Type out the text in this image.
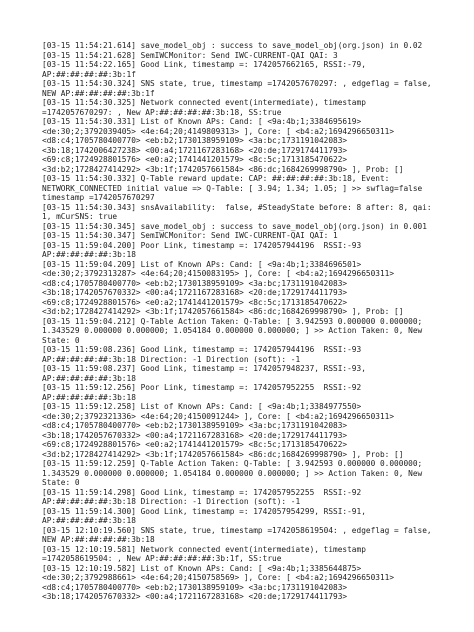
[03-15 11:54:21.614] save_model_obj : success to save_model_obj(org.json) in 0.02
[03-15 11:54:21.628] SemIWCMonitor: Send IWC-CURRENT-QAI QAI: 3
[03-15 11:54:22.165] Good Link, timestamp =: 1742057662165, RSSI:-79,
AP:##:##:##:##:3b:1f
[03-15 11:54:30.324] SNS state, true, timestamp =1742057670297: , edgeflag = false,
NEW AP:##:##:##:##:3b:1f
[03-15 11:54:30.325] Network connected event(intermediate), timestamp
=1742057670297: , New AP:##:##:##:##:3b:18, SS:true
[03-15 11:54:30.331] List of Known APs: Cand: [ <9a:4b;1;3384695619>
<de:30;2;3792039405> <4e:64;20;4149809313> ], Core: [ <b4:a2;1694296650311>
<d8:c4;1705780400770> <eb:b2;1730138959109> <3a:bc;1731191042083>
<3b:18;1742006427238> <00:a4;1721167283168> <20:de;1729174411793>
<69:c8;1724928801576> <e0:a2;1741441201579> <8c:5c;1713185470622>
<3d:b2;1728427414292> <3b:1f;1742057661584> <86:dc;1684269998790> ], Prob: []
[03-15 11:54:30.332] Q-Table reward update: CAP: ##:##:##:##:3b:18, Event:
NETWORK_CONNECTED initial value => Q-Table: [ 3.94; 1.34; 1.05; ] >> swflag=false
timestamp =1742057670297
[03-15 11:54:30.343] snsAvailability:  false, #SteadyState before: 8 after: 8, qai:
1, mCurSNS: true
[03-15 11:54:30.345] save_model_obj : success to save_model_obj(org.json) in 0.001
[03-15 11:54:30.347] SemIWCMonitor: Send IWC-CURRENT-QAI QAI: 1
[03-15 11:59:04.200] Poor Link, timestamp =: 1742057944196  RSSI:-93
AP:##:##:##:##:3b:18
[03-15 11:59:04.209] List of Known APs: Cand: [ <9a:4b;1;3384696501>
<de:30;2;3792313287> <4e:64;20;4150083195> ], Core: [ <b4:a2;1694296650311>
<d8:c4;1705780400770> <eb:b2;1730138959109> <3a:bc;1731191042083>
<3b:18;1742057670332> <00:a4;1721167283168> <20:de;1729174411793>
<69:c8;1724928801576> <e0:a2;1741441201579> <8c:5c;1713185470622>
<3d:b2;1728427414292> <3b:1f;1742057661584> <86:dc;1684269998790> ], Prob: []
[03-15 11:59:04.212] Q-Table Action Taken: Q-Table: [ 3.942593 0.000000 0.000000;
1.343529 0.000000 0.000000; 1.054184 0.000000 0.000000; ] >> Action Taken: 0, New
State: 0
[03-15 11:59:08.236] Good Link, timestamp =: 1742057944196  RSSI:-93
AP:##:##:##:##:3b:18 Direction: -1 Direction (soft): -1
[03-15 11:59:08.237] Good Link, timestamp =: 1742057948237, RSSI:-93,
AP:##:##:##:##:3b:18
[03-15 11:59:12.256] Poor Link, timestamp =: 1742057952255  RSSI:-92
AP:##:##:##:##:3b:18
[03-15 11:59:12.258] List of Known APs: Cand: [ <9a:4b;1;3384977550>
<de:30;2;3792321336> <4e:64;20;4150091244> ], Core: [ <b4:a2;1694296650311>
<d8:c4;1705780400770> <eb:b2;1730138959109> <3a:bc;1731191042083>
<3b:18;1742057670332> <00:a4;1721167283168> <20:de;1729174411793>
<69:c8;1724928801576> <e0:a2;1741441201579> <8c:5c;1713185470622>
<3d:b2;1728427414292> <3b:1f;1742057661584> <86:dc;1684269998790> ], Prob: []
[03-15 11:59:12.259] Q-Table Action Taken: Q-Table: [ 3.942593 0.000000 0.000000;
1.343529 0.000000 0.000000; 1.054184 0.000000 0.000000; ] >> Action Taken: 0, New
State: 0
[03-15 11:59:14.298] Good Link, timestamp =: 1742057952255  RSSI:-92
AP:##:##:##:##:3b:18 Direction: -1 Direction (soft): -1
[03-15 11:59:14.300] Good Link, timestamp =: 1742057954299, RSSI:-91,
AP:##:##:##:##:3b:18
[03-15 12:10:19.560] SNS state, true, timestamp =1742058619504: , edgeflag = false,
NEW AP:##:##:##:##:3b:18
[03-15 12:10:19.581] Network connected event(intermediate), timestamp
=1742058619504: , New AP:##:##:##:##:3b:1f, SS:true
[03-15 12:10:19.582] List of Known APs: Cand: [ <9a:4b;1;3385644875>
<de:30;2;3792988661> <4e:64;20;4150758569> ], Core: [ <b4:a2;1694296650311>
<d8:c4;1705780400770> <eb:b2;1730138959109> <3a:bc;1731191042083>
<3b:18;1742057670332> <00:a4;1721167283168> <20:de;1729174411793>
